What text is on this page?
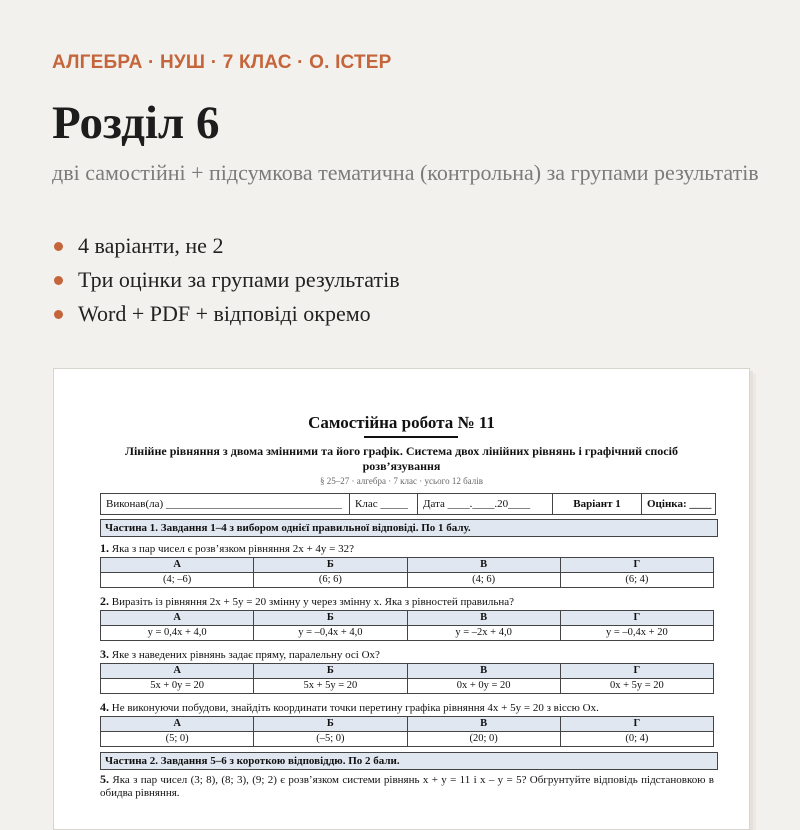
АЛГЕБРА · НУШ · 7 КЛАС · О. ІСТЕР
Розділ 6
дві самостійні + підсумкова тематична (контрольна) за групами результатів
4 варіанти, не 2
Три оцінки за групами результатів
Word + PDF + відповіді окремо
Самостійна робота № 11
Лінійне рівняння з двома змінними та його графік. Система двох лінійних рівнянь і графічний спосіб розв’язування
§ 25–27 · алгебра · 7 клас · усього 12 балів
Виконав(ла) ________________________________	Клас _____	Дата ____.____.20____	Варіант 1	Оцінка: ____
Частина 1. Завдання 1–4 з вибором однієї правильної відповіді. По 1 балу.
1. Яка з пар чисел є розв’язком рівняння 2x + 4y = 32?
А	Б	В	Г
(4; –6)	(6; 6)	(4; 6)	(6; 4)
2. Виразіть із рівняння 2x + 5y = 20 змінну y через змінну x. Яка з рівностей правильна?
А	Б	В	Г
y = 0,4x + 4,0	y = –0,4x + 4,0	y = –2x + 4,0	y = –0,4x + 20
3. Яке з наведених рівнянь задає пряму, паралельну осі Ox?
А	Б	В	Г
5x + 0y = 20	5x + 5y = 20	0x + 0y = 20	0x + 5y = 20
4. Не виконуючи побудови, знайдіть координати точки перетину графіка рівняння 4x + 5y = 20 з віссю Ox.
А	Б	В	Г
(5; 0)	(–5; 0)	(20; 0)	(0; 4)
Частина 2. Завдання 5–6 з короткою відповіддю. По 2 бали.
5. Яка з пар чисел (3; 8), (8; 3), (9; 2) є розв’язком системи рівнянь x + y = 11 і x – y = 5? Обгрунтуйте відповідь підстановкою в обидва рівняння.
